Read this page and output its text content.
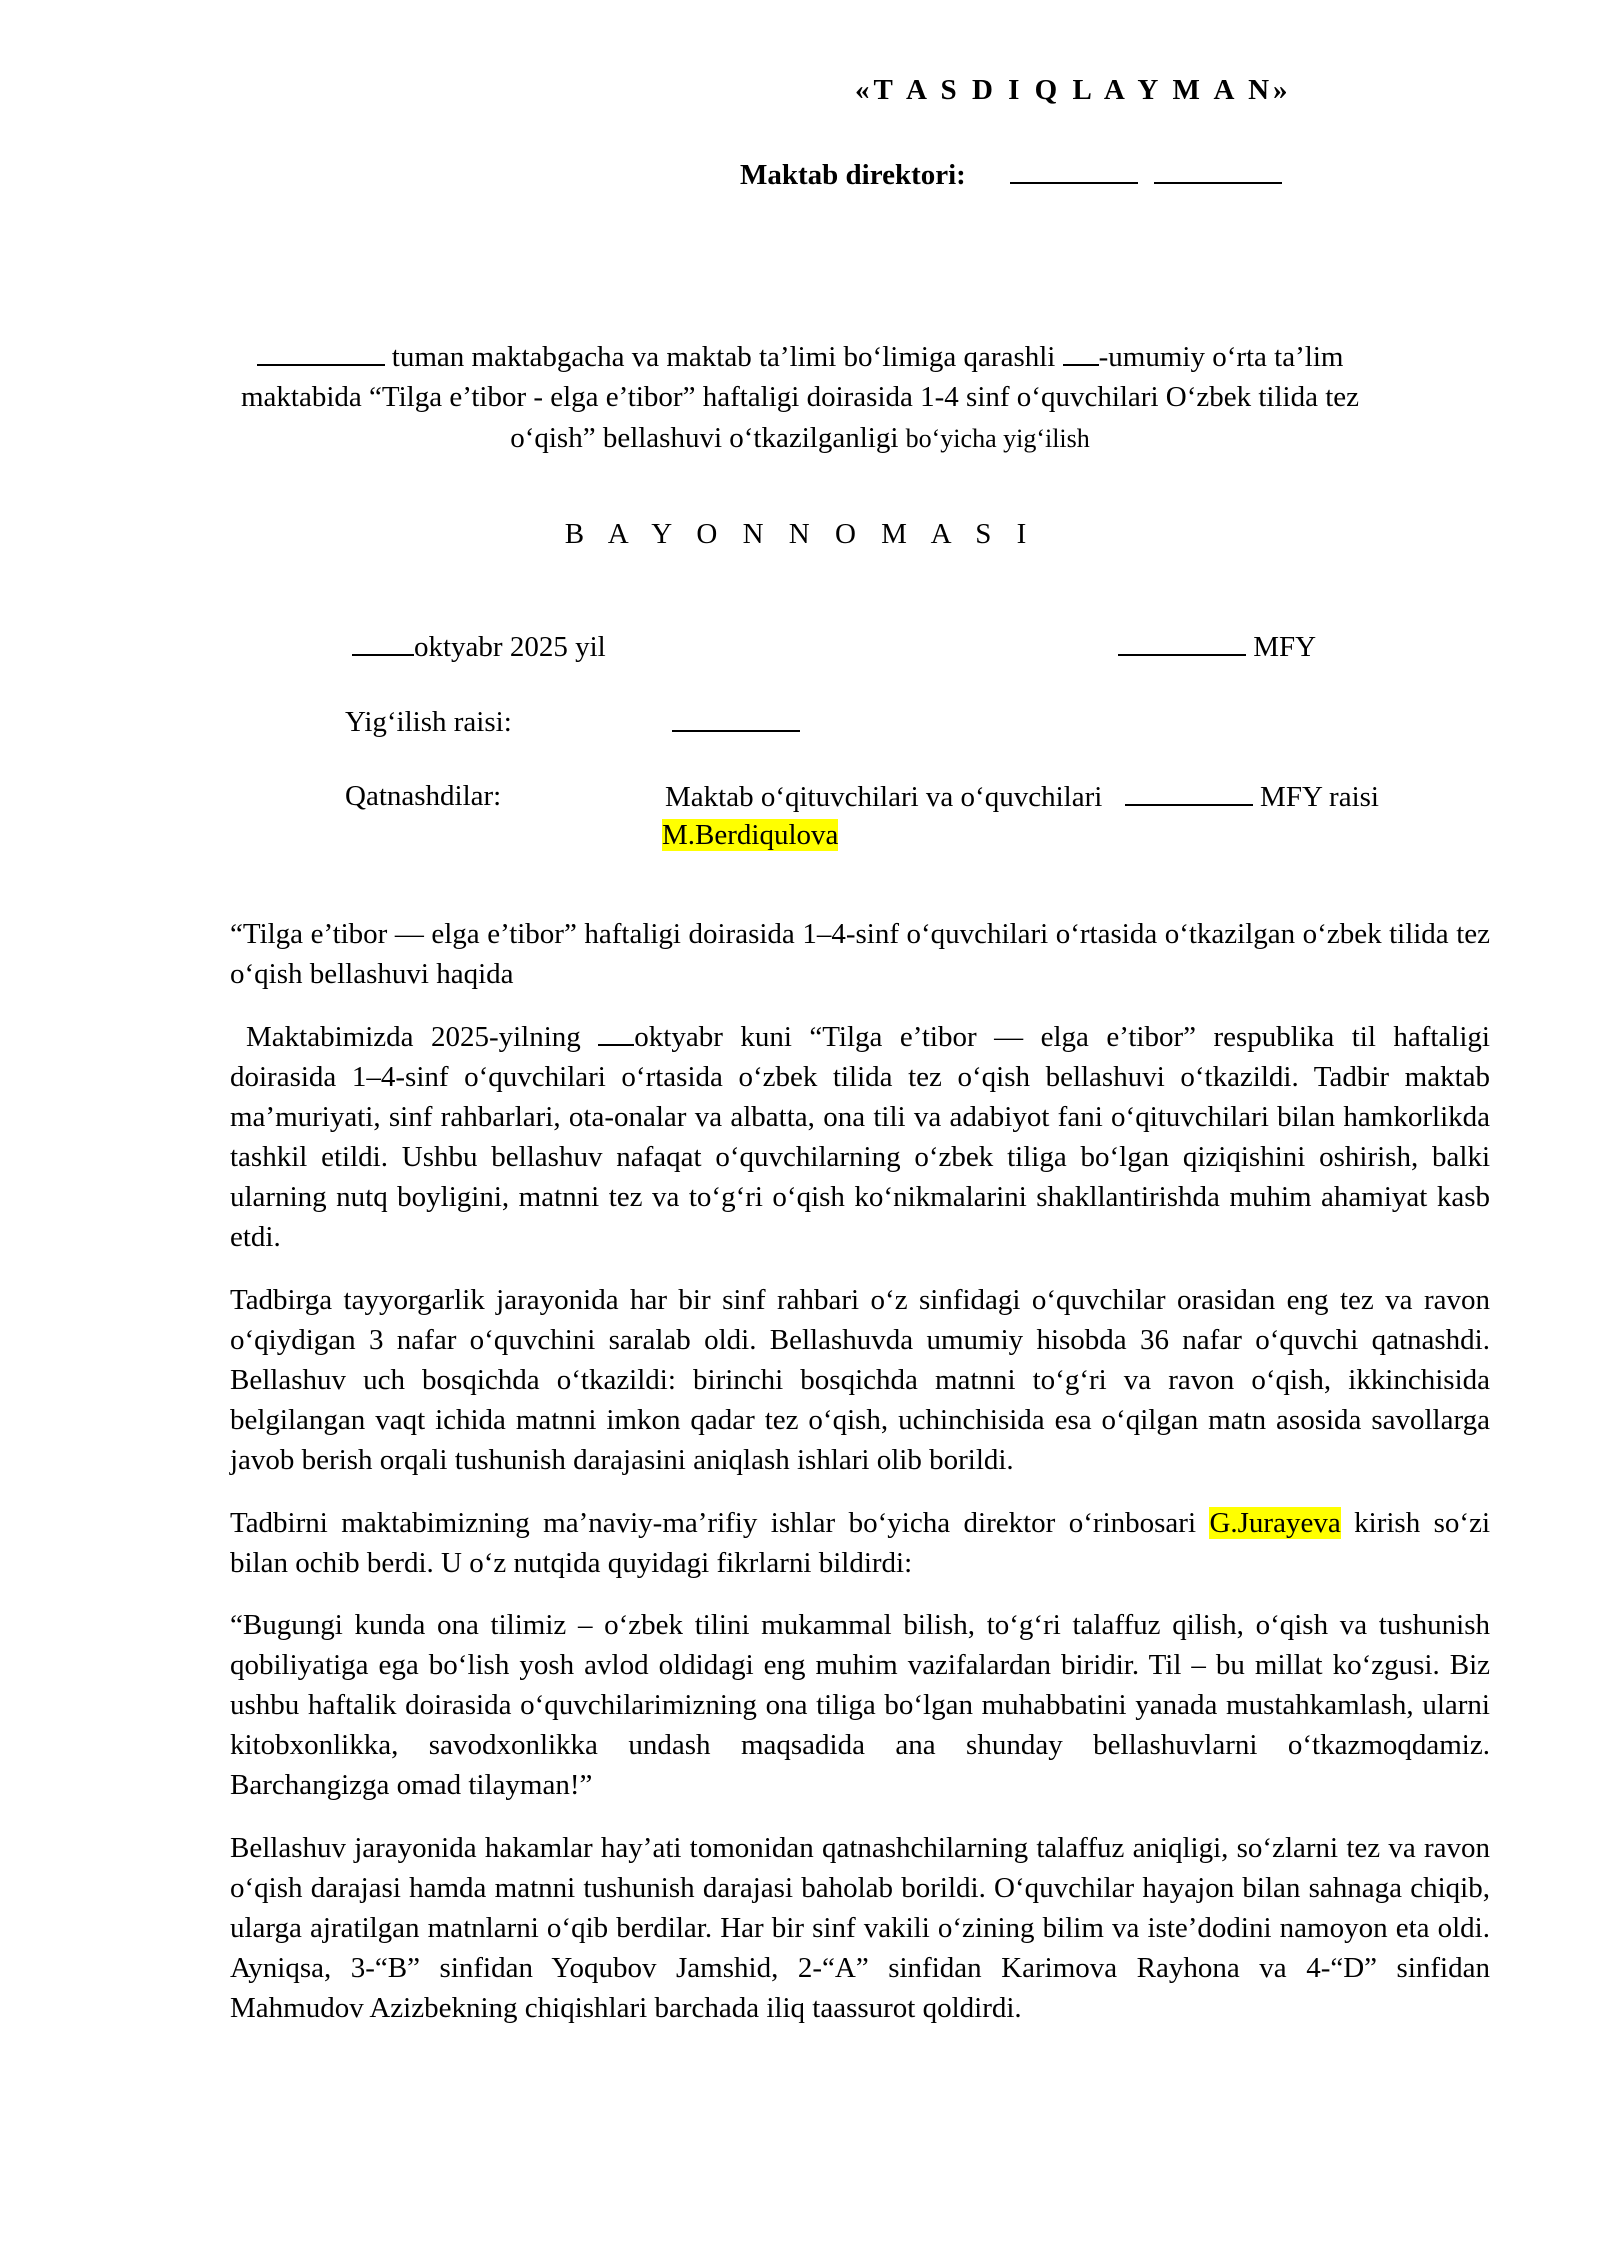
«T A S D I Q L A Y M A N»
Maktab direktori:
tuman maktabgacha va maktab ta’limi bo‘limiga qarashli -umumiy o‘rta ta’lim
maktabida “Tilga e’tibor - elga e’tibor” haftaligi doirasida 1-4 sinf o‘quvchilari O‘zbek tilida tez
o‘qish” bellashuvi o‘tkazilganligi bo‘yicha yig‘ilish
B A Y O N N O M A S I
oktyabr 2025 yil	MFY
Yig‘ilish raisi:
Qatnashdilar:	Maktab o‘qituvchilari va o‘quvchilari	MFY raisi
M.Berdiqulova
“Tilga e’tibor — elga e’tibor” haftaligi doirasida 1–4-sinf o‘quvchilari o‘rtasida o‘tkazilgan o‘zbek tilida tez o‘qish bellashuvi haqida
Maktabimizda 2025-yilning oktyabr kuni “Tilga e’tibor — elga e’tibor” respublika til haftaligi doirasida 1–4-sinf o‘quvchilari o‘rtasida o‘zbek tilida tez o‘qish bellashuvi o‘tkazildi. Tadbir maktab ma’muriyati, sinf rahbarlari, ota-onalar va albatta, ona tili va adabiyot fani o‘qituvchilari bilan hamkorlikda tashkil etildi. Ushbu bellashuv nafaqat o‘quvchilarning o‘zbek tiliga bo‘lgan qiziqishini oshirish, balki ularning nutq boyligini, matnni tez va to‘g‘ri o‘qish ko‘nikmalarini shakllantirishda muhim ahamiyat kasb etdi.
Tadbirga tayyorgarlik jarayonida har bir sinf rahbari o‘z sinfidagi o‘quvchilar orasidan eng tez va ravon o‘qiydigan 3 nafar o‘quvchini saralab oldi. Bellashuvda umumiy hisobda 36 nafar o‘quvchi qatnashdi. Bellashuv uch bosqichda o‘tkazildi: birinchi bosqichda matnni to‘g‘ri va ravon o‘qish, ikkinchisida belgilangan vaqt ichida matnni imkon qadar tez o‘qish, uchinchisida esa o‘qilgan matn asosida savollarga javob berish orqali tushunish darajasini aniqlash ishlari olib borildi.
Tadbirni maktabimizning ma’naviy-ma’rifiy ishlar bo‘yicha direktor o‘rinbosari G.Jurayeva kirish so‘zi bilan ochib berdi. U o‘z nutqida quyidagi fikrlarni bildirdi:
“Bugungi kunda ona tilimiz – o‘zbek tilini mukammal bilish, to‘g‘ri talaffuz qilish, o‘qish va tushunish qobiliyatiga ega bo‘lish yosh avlod oldidagi eng muhim vazifalardan biridir. Til – bu millat ko‘zgusi. Biz ushbu haftalik doirasida o‘quvchilarimizning ona tiliga bo‘lgan muhabbatini yanada mustahkamlash, ularni kitobxonlikka, savodxonlikka undash maqsadida ana shunday bellashuvlarni o‘tkazmoqdamiz. Barchangizga omad tilayman!”
Bellashuv jarayonida hakamlar hay’ati tomonidan qatnashchilarning talaffuz aniqligi, so‘zlarni tez va ravon o‘qish darajasi hamda matnni tushunish darajasi baholab borildi. O‘quvchilar hayajon bilan sahnaga chiqib, ularga ajratilgan matnlarni o‘qib berdilar. Har bir sinf vakili o‘zining bilim va iste’dodini namoyon eta oldi. Ayniqsa, 3-“B” sinfidan Yoqubov Jamshid, 2-“A” sinfidan Karimova Rayhona va 4-“D” sinfidan Mahmudov Azizbekning chiqishlari barchada iliq taassurot qoldirdi.
